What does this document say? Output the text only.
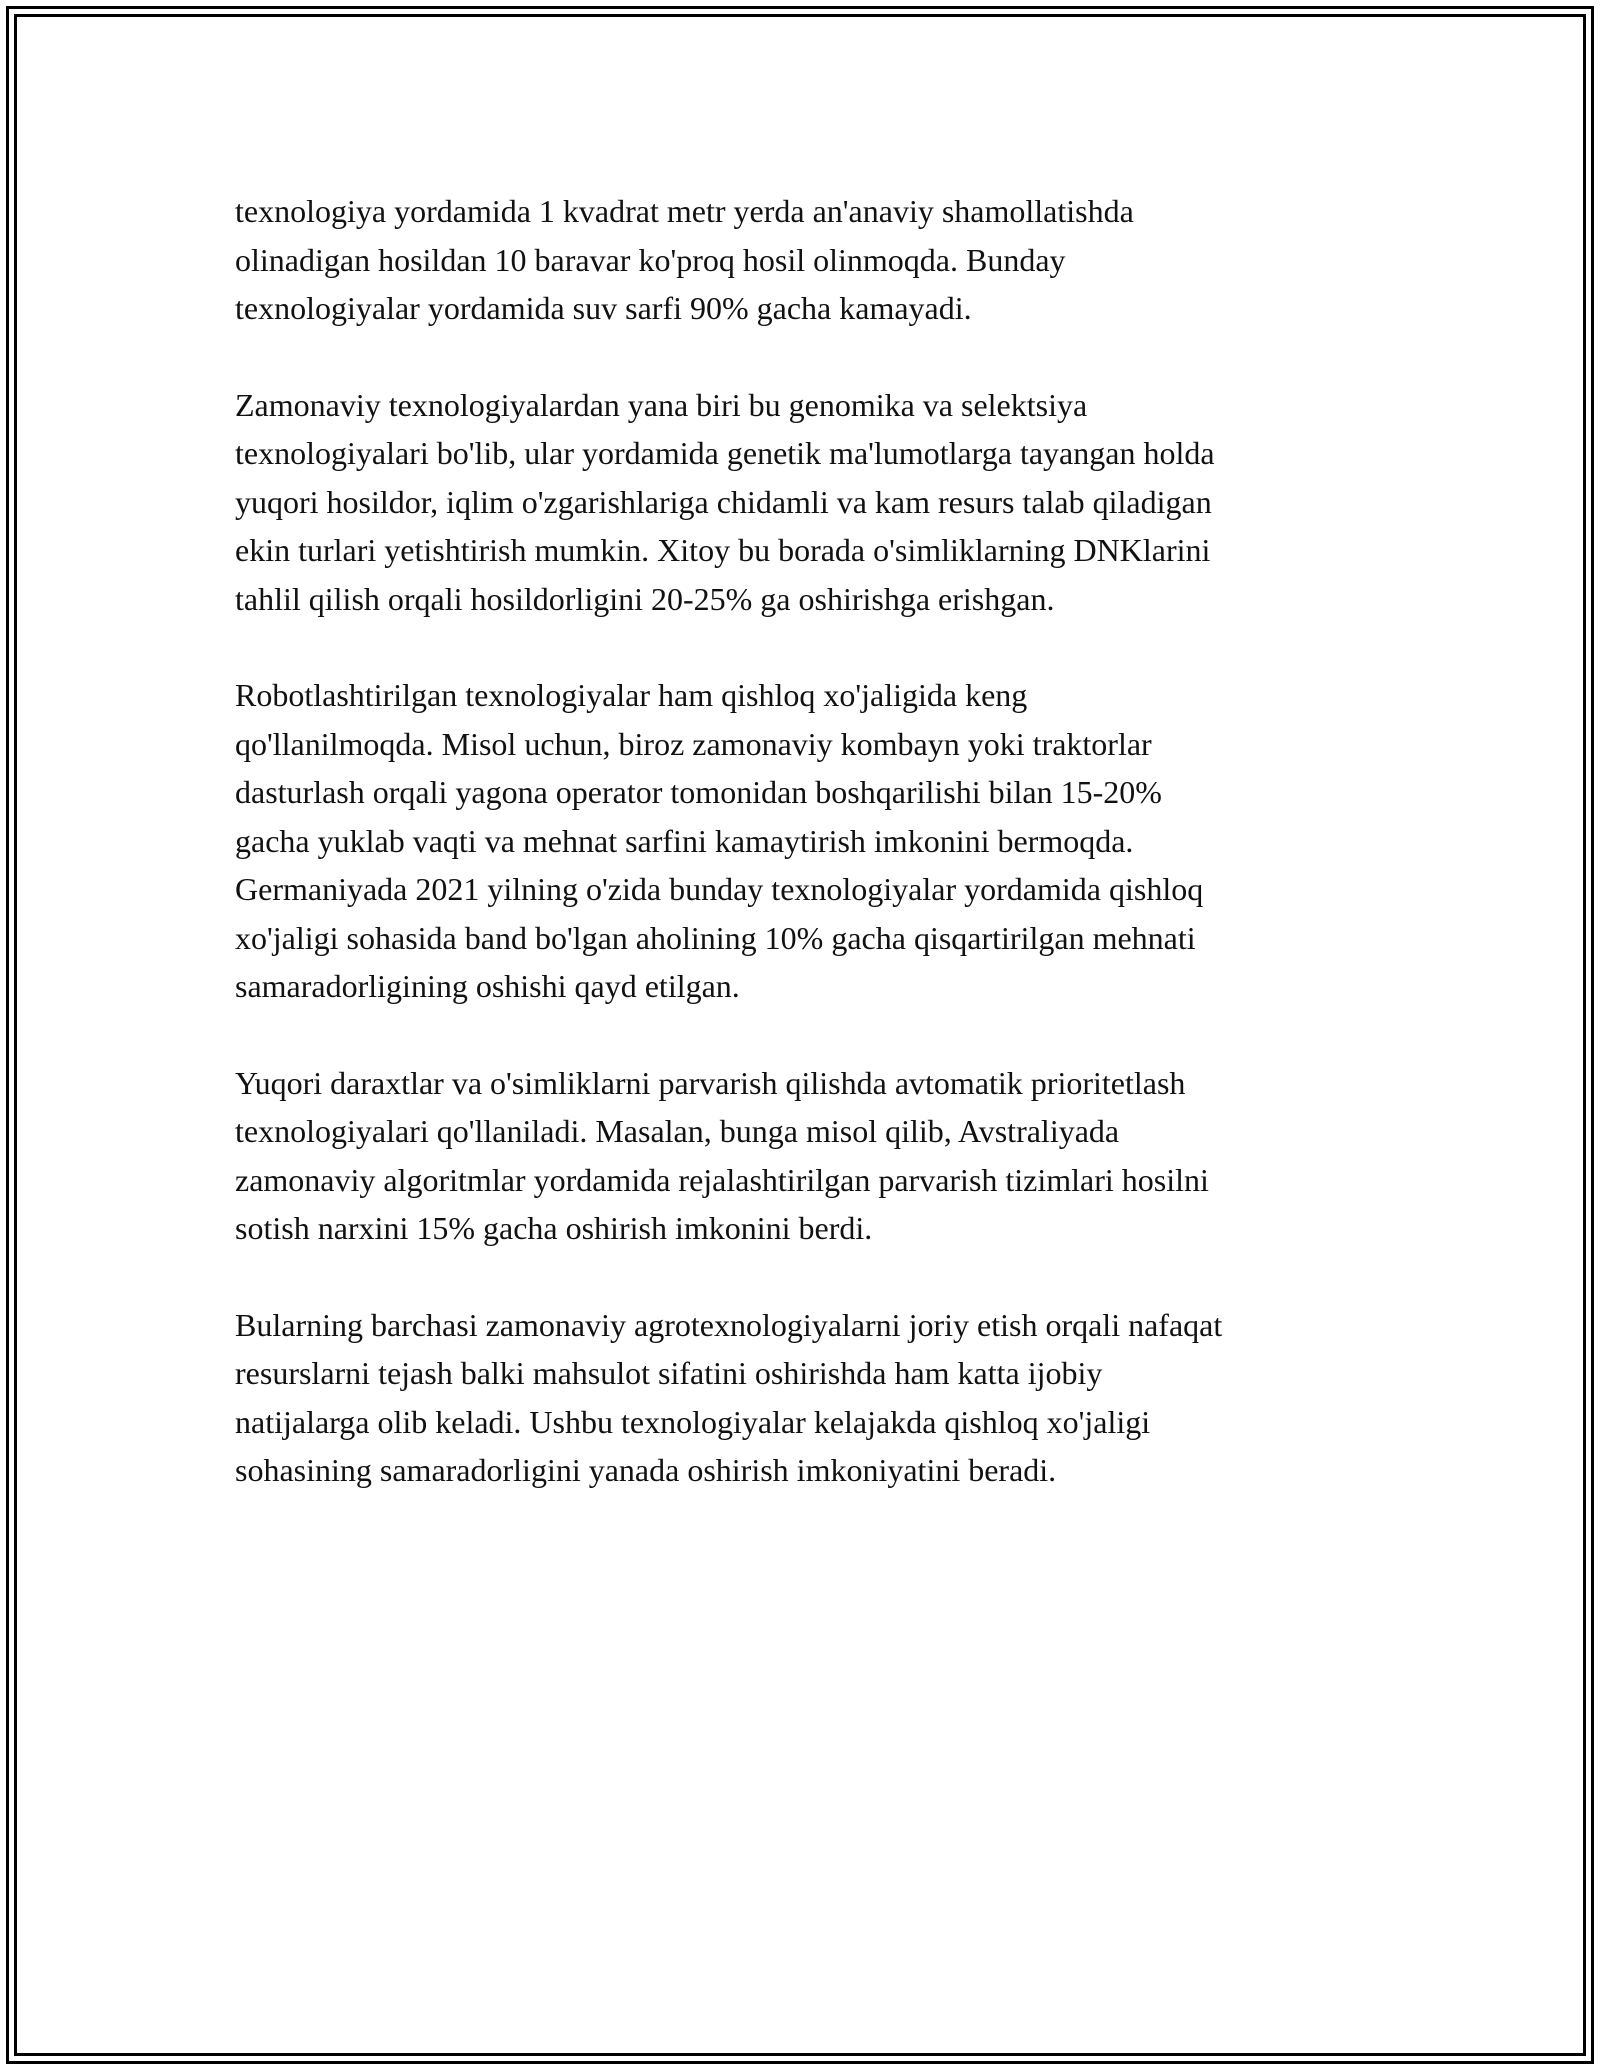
texnologiya yordamida 1 kvadrat metr yerda an'anaviy shamollatishda
olinadigan hosildan 10 baravar ko'proq hosil olinmoqda. Bunday
texnologiyalar yordamida suv sarfi 90% gacha kamayadi.

Zamonaviy texnologiyalardan yana biri bu genomika va selektsiya
texnologiyalari bo'lib, ular yordamida genetik ma'lumotlarga tayangan holda
yuqori hosildor, iqlim o'zgarishlariga chidamli va kam resurs talab qiladigan
ekin turlari yetishtirish mumkin. Xitoy bu borada o'simliklarning DNKlarini
tahlil qilish orqali hosildorligini 20-25% ga oshirishga erishgan.

Robotlashtirilgan texnologiyalar ham qishloq xo'jaligida keng
qo'llanilmoqda. Misol uchun, biroz zamonaviy kombayn yoki traktorlar
dasturlash orqali yagona operator tomonidan boshqarilishi bilan 15-20%
gacha yuklab vaqti va mehnat sarfini kamaytirish imkonini bermoqda.
Germaniyada 2021 yilning o'zida bunday texnologiyalar yordamida qishloq
xo'jaligi sohasida band bo'lgan aholining 10% gacha qisqartirilgan mehnati
samaradorligining oshishi qayd etilgan.

Yuqori daraxtlar va o'simliklarni parvarish qilishda avtomatik prioritetlash
texnologiyalari qo'llaniladi. Masalan, bunga misol qilib, Avstraliyada
zamonaviy algoritmlar yordamida rejalashtirilgan parvarish tizimlari hosilni
sotish narxini 15% gacha oshirish imkonini berdi.

Bularning barchasi zamonaviy agrotexnologiyalarni joriy etish orqali nafaqat
resurslarni tejash balki mahsulot sifatini oshirishda ham katta ijobiy
natijalarga olib keladi. Ushbu texnologiyalar kelajakda qishloq xo'jaligi
sohasining samaradorligini yanada oshirish imkoniyatini beradi.
